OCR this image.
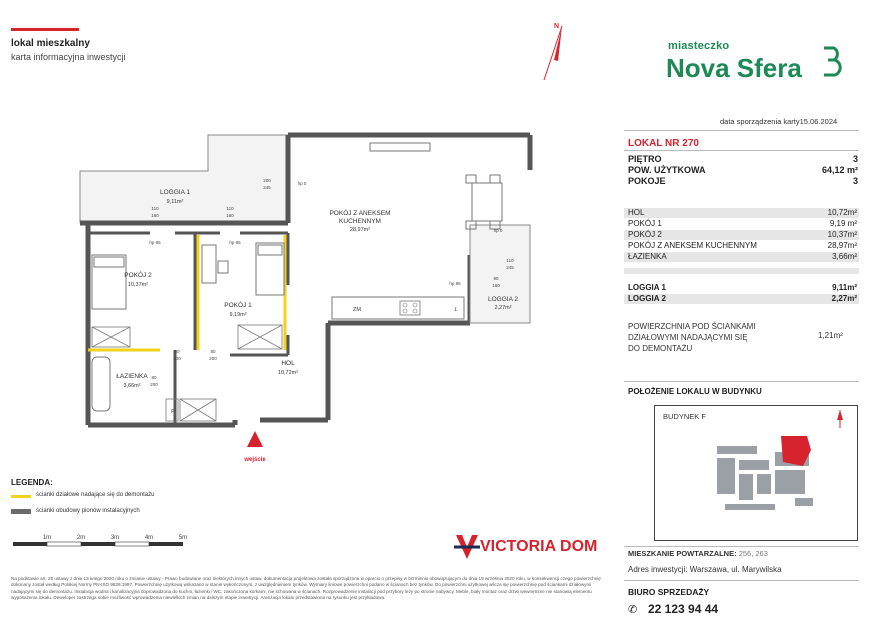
lokal mieszkalny
karta informacyjna inwestycji
N
miasteczko
Nova Sfera
data sporządzenia karty15.06.2024
LOKAL NR 270
PIĘTRO	3
POW. UŻYTKOWA	64,12 m²
POKOJE	3
HOL	10,72m²
POKÓJ 1	9,19 m²
POKÓJ 2	10,37m²
POKÓJ Z ANEKSEM KUCHENNYM	28,97m²
ŁAZIENKA	3,66m²
LOGGIA 1	9,11m²
LOGGIA 2	2,27m²
POWIERZCHNIA POD ŚCIANKAMI
DZIAŁOWYMI NADAJĄCYMI SIĘ
DO DEMONTAŻU
1,21m²
POŁOŻENIE LOKALU W BUDYNKU
BUDYNEK F
MIESZKANIE POWTARZALNE: 256, 263
Adres inwestycji: Warszawa, ul. Marywilska
BIURO SPRZEDAŻY
✆ 22 123 94 44
LOGGIA 1
9,11m²
POKÓJ Z ANEKSEM
KUCHENNYM
28,97m²
POKÓJ 2
10,37m²
POKÓJ 1
9,19m²
LOGGIA 2
2,27m²
HOL
10,72m²
ŁAZIENKA
3,66m²
wejście
ZM	L
P
200
245
hp 0
110
160
110
160
hp 85	hp 85
hp 0
hp 85
110
245
90
160
80
200
80
200
80
200
LEGENDA:
ścianki działowe nadające się do demontażu
ścianki obudowy pionów instalacyjnych
1m	2m	3m	4m	5m	VICTORIA DOM
Na podstawie art. 26 ustawy z dnia 13 lutego 2020 roku o zmianie ustawy - Prawo budowlane oraz niektórych innych ustaw, dokumentacja projektowa została sporządzona w oparciu o przepisy w brzmieniu obowiązującym do dnia 19 września 2020 roku, w konsekwencji czego powierzchnię dokonany został według Polskiej Normy PN-ISO 9836:1997. Powierzchnię użytkową wskazano w stanie wykończonym, z uwzględnieniem tynków. Wymiary liniowe powierzchni podano w ścianach bez tynków. Do powierzchni użytkowej wlicza się powierzchnię pod ściankami działowymi nadającymi się do demontażu. Instalacja wodna i kanalizacyjna doprowadzona do kuchni, łazienki i WC, zakończona korkami, nie schowana w ścianach. Rozprowadzenie instalacji pod przybory leży po stronie nabywcy. Meble, biały montaż oraz drzwi wewnętrzne nie stanowią elementu wyposażenia lokalu. Deweloper zastrzega sobie możliwość wprowadzenia niewielkich zmian na dalszym etapie inwestycji. Aranżacja lokalu przedstawiona na rysunku jest przykładowa.
